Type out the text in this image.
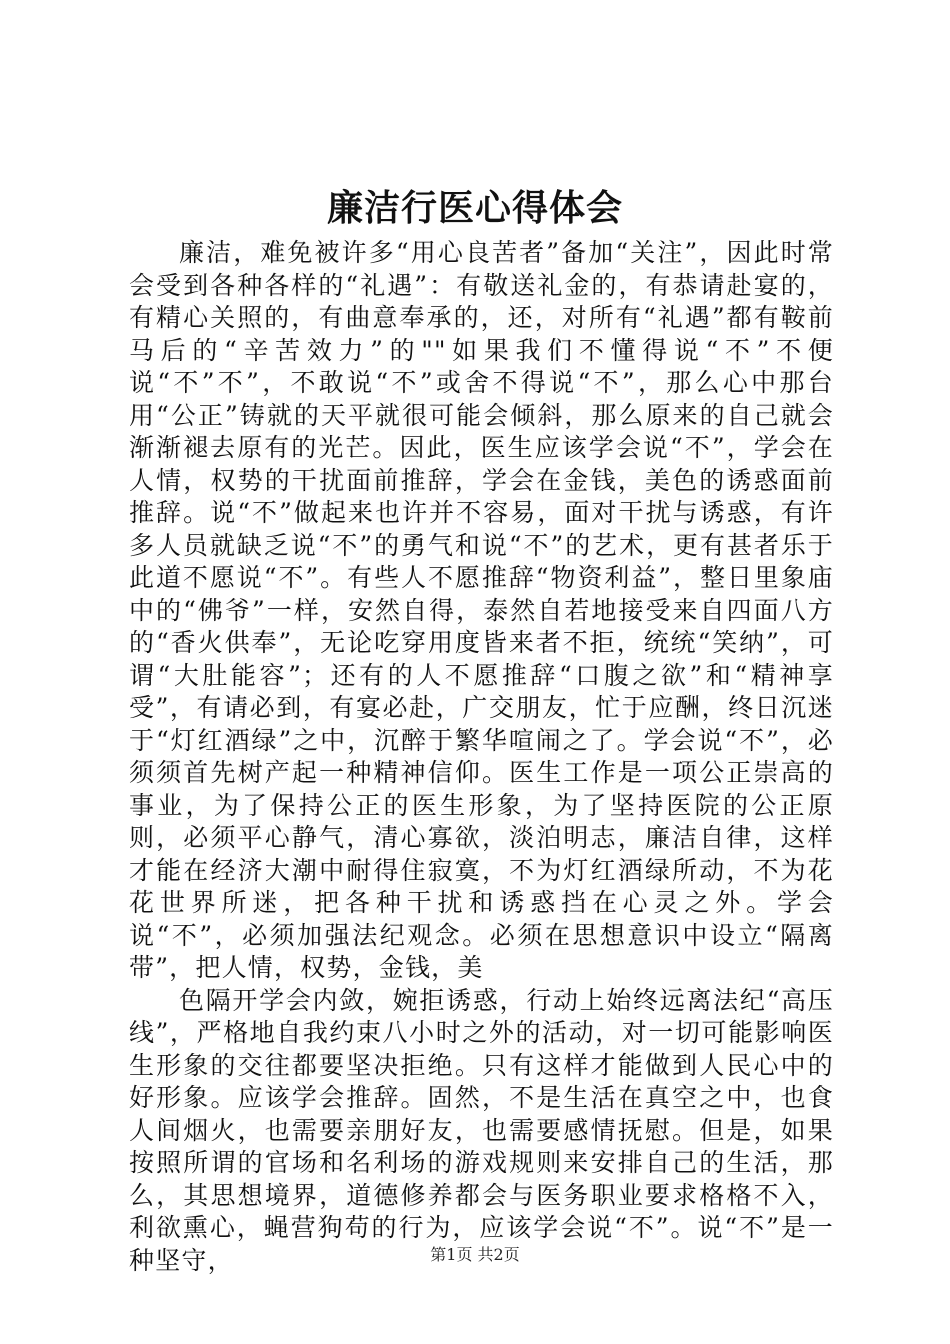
廉洁行医心得体会

廉洁，难免被许多“用心良苦者”备加“关注”，因此时常会受到各种各样的“礼遇”：有敬送礼金的，有恭请赴宴的，有精心关照的，有曲意奉承的，还，对所有“礼遇”都有鞍前马后的“辛苦效力”的""如果我们不懂得说“不”不便说“不”不”，不敢说“不”或舍不得说“不”，那么心中那台用“公正”铸就的天平就很可能会倾斜，那么原来的自己就会渐渐褪去原有的光芒。因此，医生应该学会说“不”，学会在人情，权势的干扰面前推辞，学会在金钱，美色的诱惑面前推辞。说“不”做起来也许并不容易，面对干扰与诱惑，有许多人员就缺乏说“不”的勇气和说“不”的艺术，更有甚者乐于此道不愿说“不”。有些人不愿推辞“物资利益”，整日里象庙中的“佛爷”一样，安然自得，泰然自若地接受来自四面八方的“香火供奉”，无论吃穿用度皆来者不拒，统统“笑纳”，可谓“大肚能容”；还有的人不愿推辞“口腹之欲”和“精神享受”，有请必到，有宴必赴，广交朋友，忙于应酬，终日沉迷于“灯红酒绿”之中，沉醉于繁华喧闹之了。学会说“不”，必须须首先树产起一种精神信仰。医生工作是一项公正崇高的事业，为了保持公正的医生形象，为了坚持医院的公正原则，必须平心静气，清心寡欲，淡泊明志，廉洁自律，这样才能在经济大潮中耐得住寂寞，不为灯红酒绿所动，不为花花世界所迷，把各种干扰和诱惑挡在心灵之外。学会说“不”，必须加强法纪观念。必须在思想意识中设立“隔离带”，把人情，权势，金钱，美

色隔开学会内敛，婉拒诱惑，行动上始终远离法纪“高压线”，严格地自我约束八小时之外的活动，对一切可能影响医生形象的交往都要坚决拒绝。只有这样才能做到人民心中的好形象。应该学会推辞。固然，不是生活在真空之中，也食人间烟火，也需要亲朋好友，也需要感情抚慰。但是，如果按照所谓的官场和名利场的游戏规则来安排自己的生活，那么，其思想境界，道德修养都会与医务职业要求格格不入，利欲熏心，蝇营狗苟的行为，应该学会说“不”。说“不”是一种坚守，	第1页 共2页
